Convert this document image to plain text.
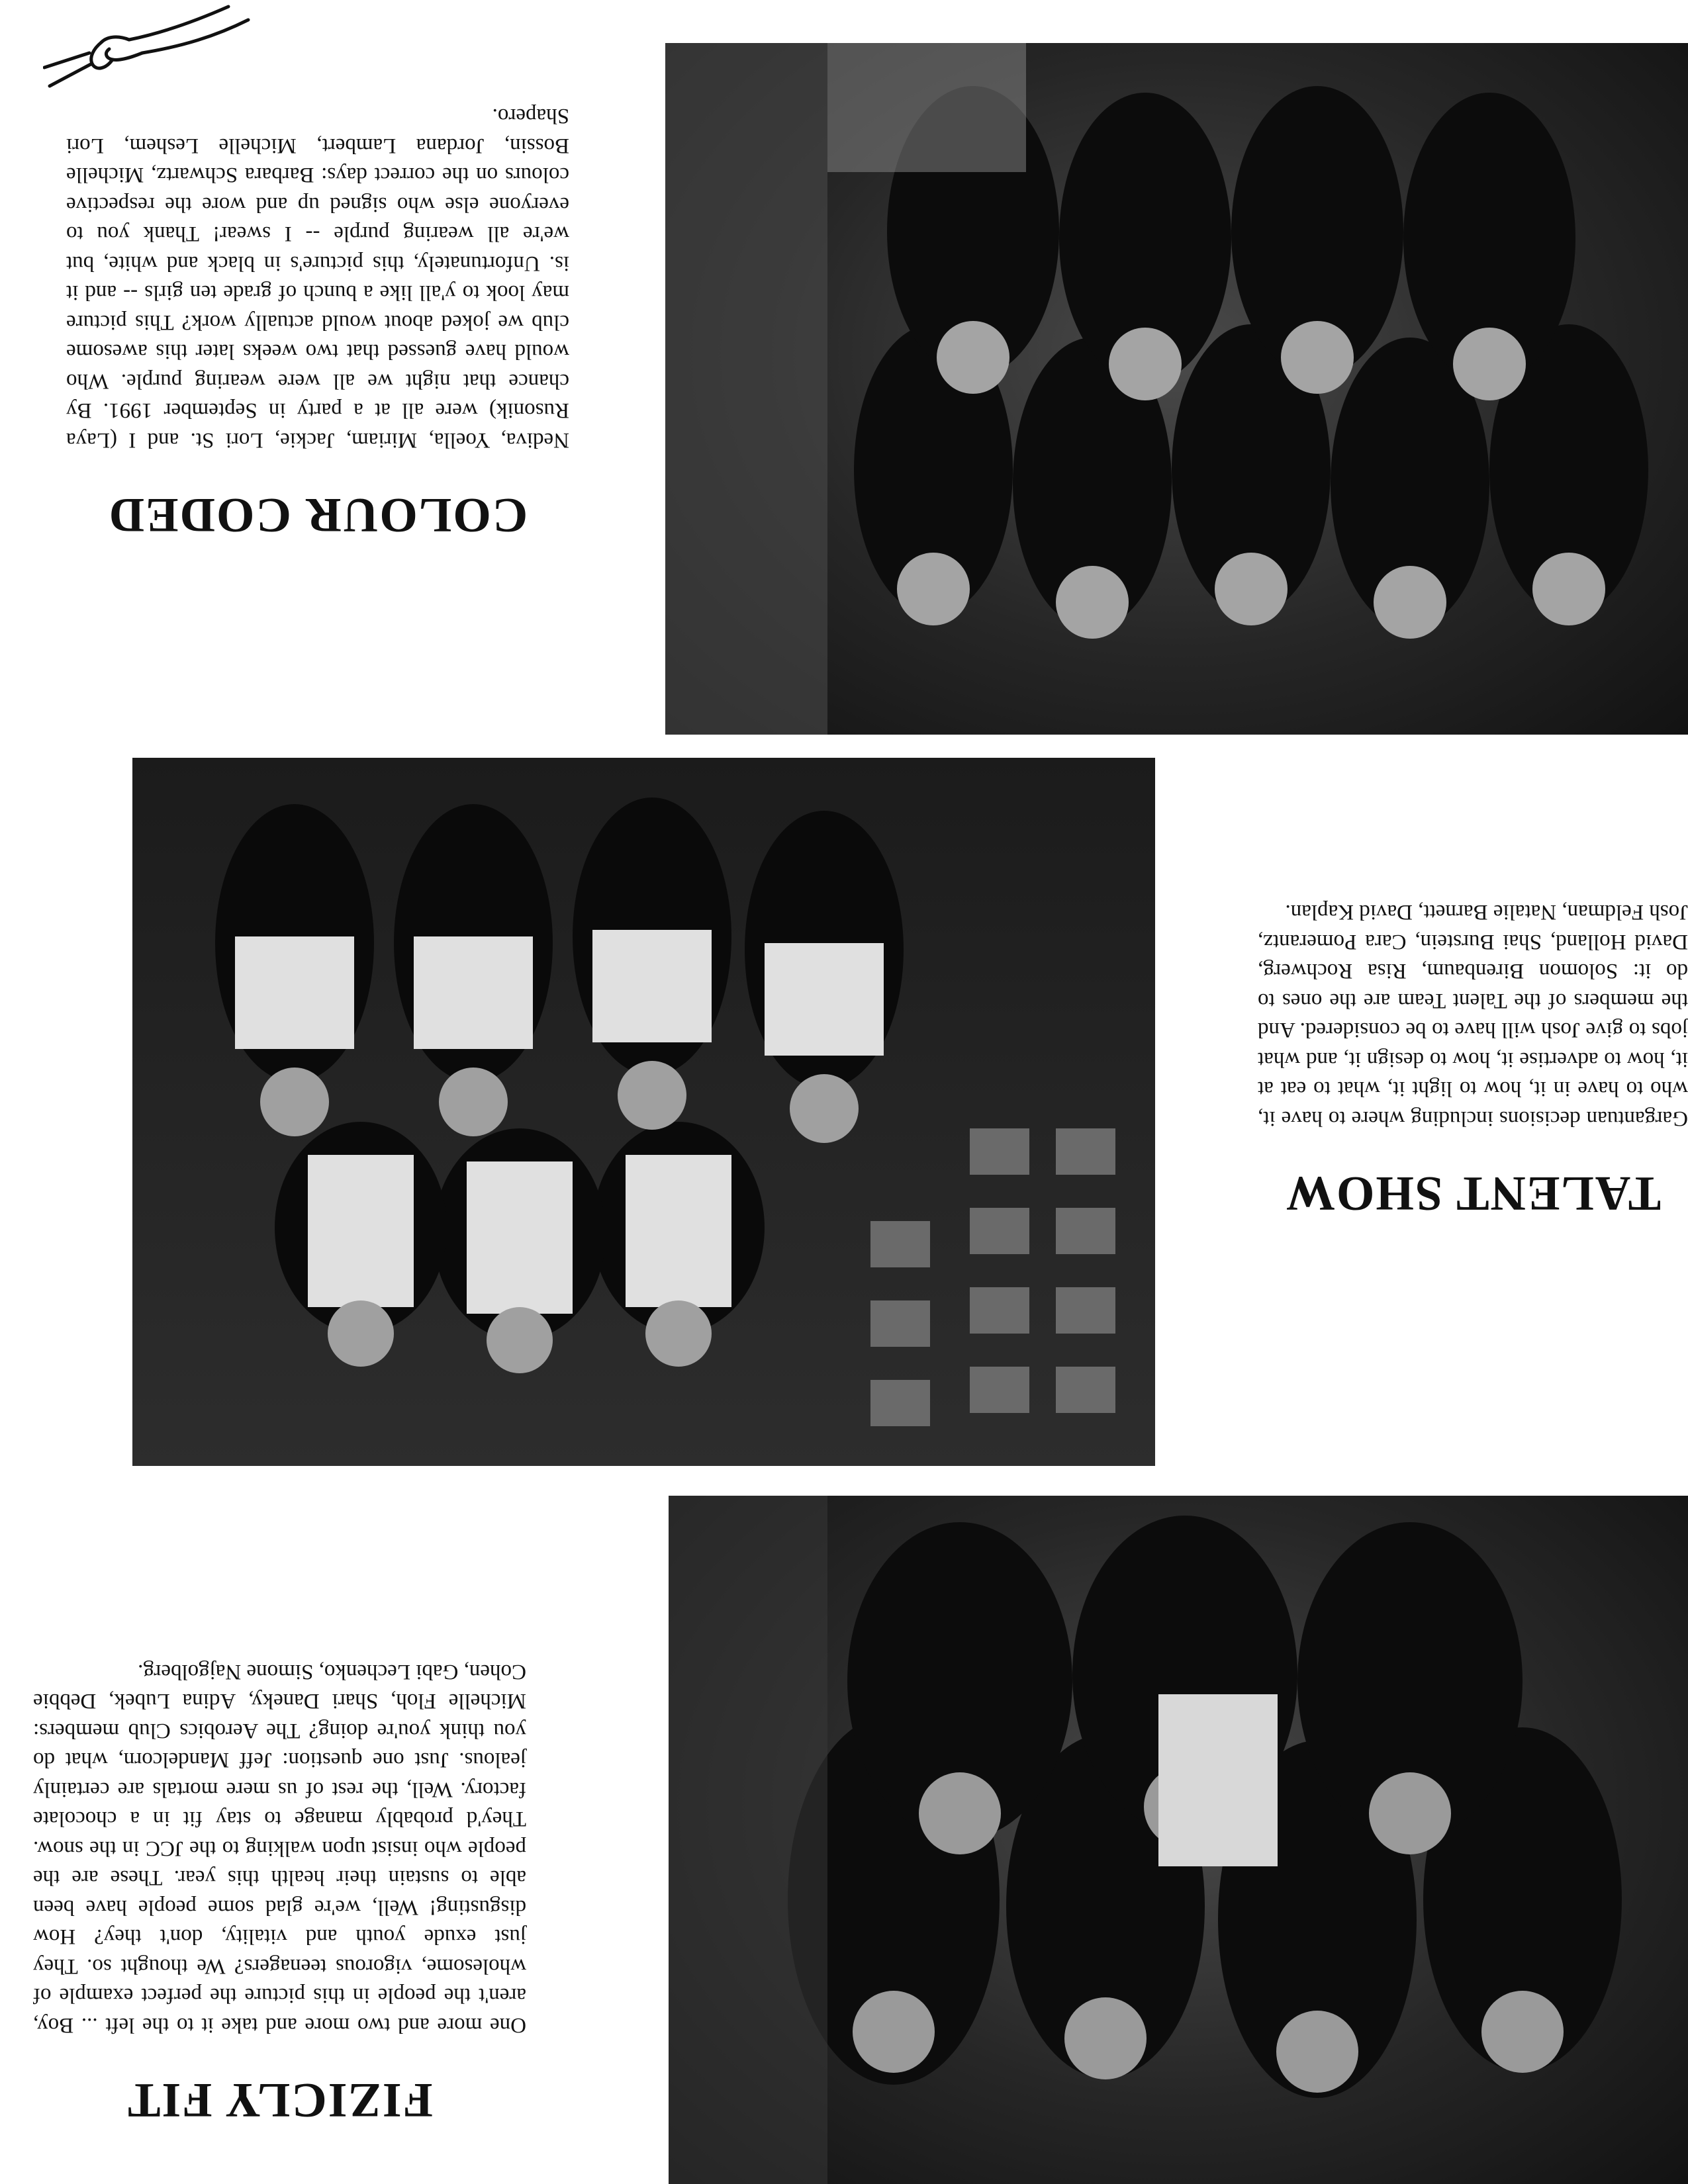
FIZICLY FIT

One more and two more and take it to the left ... Boy, aren't the people in this picture the perfect example of wholesome, vigorous teenagers? We thought so. They just exude youth and vitality, don't they? How disgusting! Well, we're glad some people have been able to sustain their health this year. These are the people who insist upon walking to the JCC in the snow. They'd probably manage to stay fit in a chocolate factory. Well, the rest of us mere mortals are certainly jealous. Just one question: Jeff Mandelcorn, what do you think you're doing? The Aerobics Club members: Michelle Floh, Shari Danekу, Adina Lubek, Debbie Cohen, Gabi Lechenko, Simone Najgolberg.

TALENT SHOW

Gargantuan decisions including where to have it, who to have in it, how to light it, what to eat at it, how to advertise it, how to design it, and what jobs to give Josh will have to be considered. And the members of the Talent Team are the ones to do it: Solomon Birenbaum, Risa Rochwerg, David Holland, Shai Burstein, Cara Pomerantz, Josh Feldman, Natalie Barnett, David Kaplan.

COLOUR CODED

Nediva, Yoella, Miriam, Jackie, Lori St. and I (Laya Rusonik) were all at a party in September 1991. By chance that night we all were wearing purple. Who would have guessed that two weeks later this awesome club we joked about would actually work? This picture may look to y'all like a bunch of grade ten girls -- and it is. Unfortunately, this picture's in black and white, but we're all wearing purple -- I swear! Thank you to everyone else who signed up and wore the respective colours on the correct days: Barbara Schwartz, Michelle Bossin, Jordana Lambert, Michelle Leshem, Lori Shapero.
